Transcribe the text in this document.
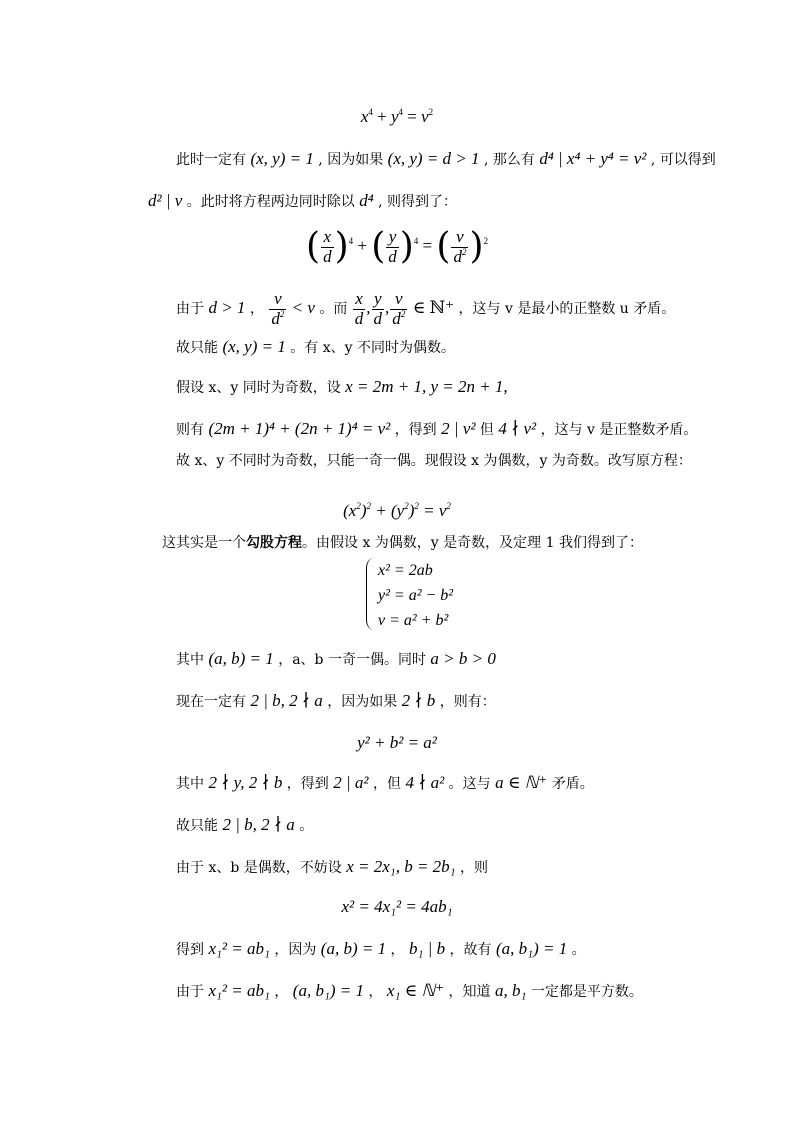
$x^4 + y^4 = v^2$
此时一定有 (x, y) = 1 , 因为如果 (x, y) = d > 1 , 那么有 d⁴ | x⁴ + y⁴ = v² , 可以得到
d² | v 。此时将方程两边同时除以 d⁴ , 则得到了：
( $\frac{x}{d} )^4$ + ( $\frac{y}{d} )^4$ = ( $\frac{v}{d^2} )^2$
由于 d > 1 ， $\frac{v}{d^2} < v$ 。而 $\frac{x}{d}$ , $\frac{y}{d}$ , $\frac{v}{d^2}$ ∈ ℕ⁺ ，这与 v 是最小的正整数 u 矛盾。
故只能 (x, y) = 1 。有 x、y 不同时为偶数。
假设 x、y 同时为奇数，设 x = 2m + 1, y = 2n + 1,
则有 (2m + 1)⁴ + (2n + 1)⁴ = v² ，得到 2 | v² 但 4 ∤ v² ，这与 v 是正整数矛盾。
故 x、y 不同时为奇数，只能一奇一偶。现假设 x 为偶数，y 为奇数。改写原方程：
$(x^2)^2 + (y^2)^2 = v^2$
这其实是一个勾股方程。由假设 x 为偶数，y 是奇数，及定理 1 我们得到了：
x² = 2ab
y² = a² − b²
v = a² + b²
其中 (a, b) = 1 ，a、b 一奇一偶。同时 a > b > 0
现在一定有 2 | b, 2 ∤ a ，因为如果 2 ∤ b ，则有：
y² + b² = a²
其中 2 ∤ y, 2 ∤ b ，得到 2 | a² ，但 4 ∤ a² 。这与 a ∈ ℕ⁺ 矛盾。
故只能 2 | b, 2 ∤ a 。
由于 x、b 是偶数，不妨设 x = 2x₁, b = 2b₁ ，则
x² = 4x₁² = 4ab₁
得到 x₁² = ab₁ ，因为 (a, b) = 1 ， b₁ | b ，故有 (a, b₁) = 1 。
由于 x₁² = ab₁ ， (a, b₁) = 1 ， x₁ ∈ ℕ⁺ ，知道 a, b₁ 一定都是平方数。
